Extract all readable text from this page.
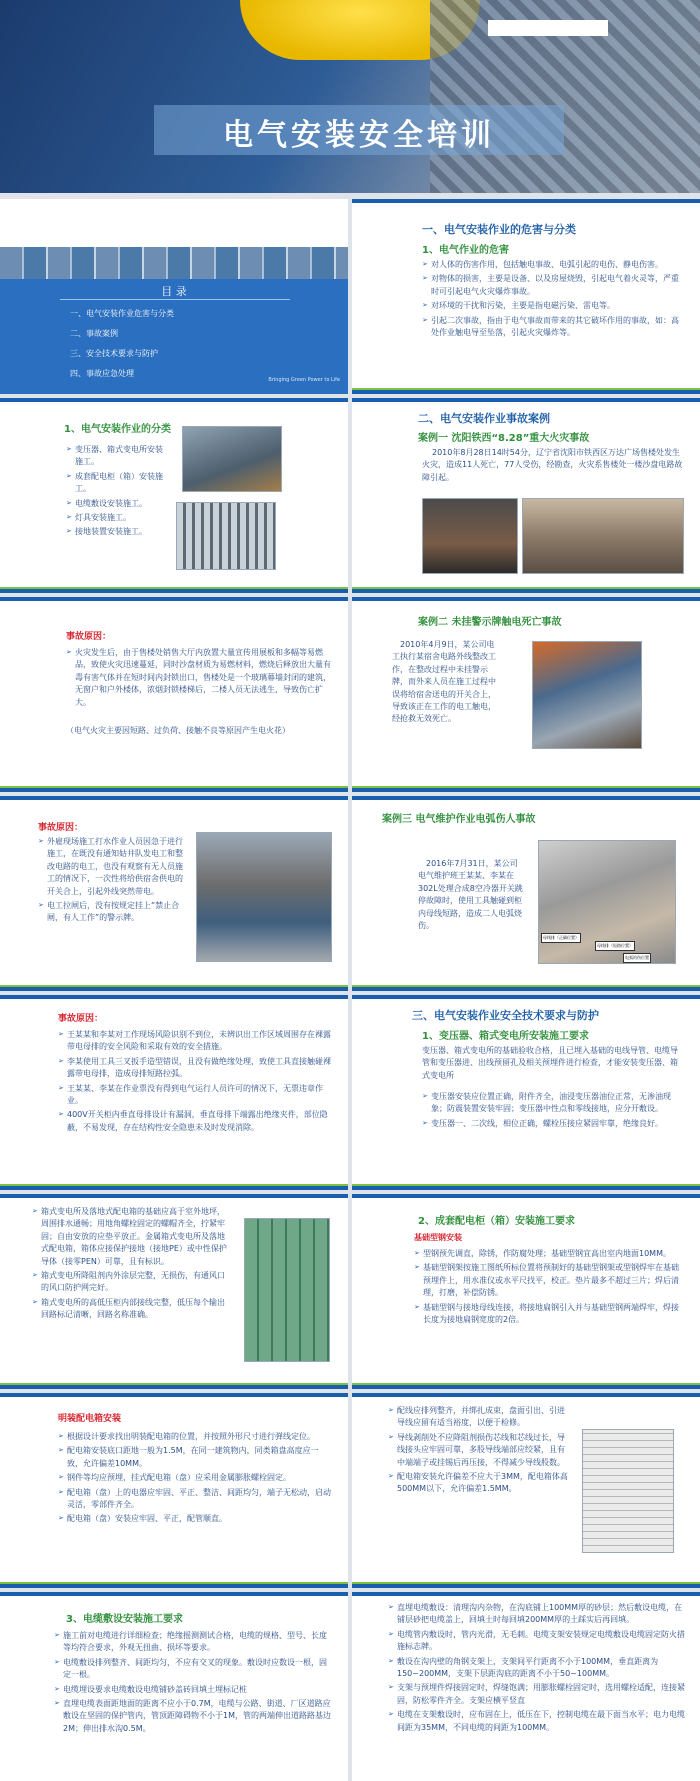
电气安装安全培训
目 录
一、电气安装作业危害与分类
二、事故案例
三、安全技术要求与防护
四、事故应急处理
Bringing Green Power to Life
一、电气安装作业的危害与分类
1、电气作业的危害
➢ 对人体的伤害作用，包括触电事故、电弧引起的电伤、静电伤害。
➢ 对物体的损害，主要是设备、以及房屋烧毁，引起电气着火灵等，严重时可引起电气火灾爆炸事故。
➢ 对环境的干扰和污染，主要是指电磁污染、雷电等。
➢ 引起二次事故，指由于电气事故而带来的其它破坏作用的事故，如：高处作业触电导至坠落，引起火灾爆炸等。
1、电气安装作业的分类
➢ 变压器、箱式变电所安装施工。
➢ 成套配电柜（箱）安装施工。
➢ 电缆敷设安装施工。
➢ 灯具安装施工。
➢ 接地装置安装施工。
二、电气安装作业事故案例
案例一 沈阳铁西“8.28”重大火灾事故
2010年8月28日14时54分，辽宁省沈阳市铁西区万达广场售楼处发生火灾，造成11人死亡，77人受伤，经勘查，火灾系售楼处一楼沙盘电路故障引起。
事故原因：
➢ 火灾发生后，由于售楼处销售大厅内放置大量宣传用展板和多幅等易燃品，致使火灾迅速蔓延，同时沙盘材质为易燃材料，燃烧后释放出大量有毒有害气体并在短时间内封锁出口，售楼处是一个玻璃幕墙封闭的建筑，无窗户和户外楼体，浓烟封锁楼梯后，二楼人员无法逃生，导致伤亡扩大。
（电气火灾主要因短路、过负荷、接触不良等原因产生电火花）
案例二 未挂警示牌触电死亡事故
2010年4月9日，某公司电工执行某宿舍电路外线整改工作，在整改过程中未挂警示牌，而外来人员在施工过程中误将给宿舍送电的开关合上，导致该正在工作的电工触电，经抢救无效死亡。
事故原因：
➢ 外雇现场施工打水作业人员因急于进行施工，在既没有通知姑井队发电工和整改电路的电工，也没有观察有无人员施工的情况下，一次性将给供宿舍供电的开关合上，引起外线突然带电。
➢ 电工拉闸后，没有按规定挂上“禁止合闸，有人工作”的警示牌。
案例三 电气维护作业电弧伤人事故
2016年7月31日，某公司电气维护班王某某、李某在302L处理合成8空冷器开关跳停故障时，使用工具触碰到柜内母线短路，造成二人电弧烧伤。
母线排（正确位置）
母线排（短路位置）
电弧灼伤位置
事故原因：
➢ 王某某和李某对工作现场风险识别不到位，未辨识出工作区域周围存在裸露带电母排的安全风险和采取有效的安全措施。
➢ 李某使用工具三叉扳手造型错误，且没有做绝缘处理，致使工具直接触碰裸露带电母排，造成母排短路拉弧。
➢ 王某某、李某在作业票没有得到电气运行人员许可的情况下，无票违章作业。
➢ 400V开关柜内垂直母排设计有漏洞，垂直母排下端露出绝缘夹件，部位隐蔽，不易发现，存在结构性安全隐患未及时发现消除。
三、电气安装作业安全技术要求与防护
1、变压器、箱式变电所安装施工要求
变压器、箱式变电所的基础验收合格，且已埋入基础的电线导管、电缆导管和变压器进、出线预留孔及相关预埋件进行检查，才能安装变压器、箱式变电所
➢ 变压器安装应位置正确，附件齐全，油浸变压器油位正常，无渗油现象；防震装置安装牢固；变压器中性点和零线接地，应分开敷设。
➢ 变压器一、二次线，相位正确，螺栓压接应紧固牢靠，绝缘良好。
➢ 箱式变电所及落地式配电箱的基础应高于室外地坪，周围排水通畅；用地角螺栓固定的螺帽齐全，拧紧牢固；自由安放的应垫平放正。金属箱式变电所及落地式配电箱，箱体应接保护接地（接地PE）或中性保护导体（接零PEN）可靠，且有标识。
➢ 箱式变电所降阻剂内外涂层完整，无损伤，有通风口的风口防护网完好。
➢ 箱式变电所的高低压柜内部接线完整，低压每个输出回路标记清晰，回路名称准确。
2、成套配电柜（箱）安装施工要求
基础型钢安装
➢ 型钢预先调直，除锈，作防腐处理；基础型钢宜高出室内地面10MM。
➢ 基础型钢架按施工图纸所标位置将预制好的基础型钢架或型钢焊牢在基础预埋件上，用水准仪或水平尺找平，校正。垫片最多不超过三片；焊后清理，打磨，补偿防锈。
➢ 基础型钢与接地母线连接，将接地扁钢引入并与基础型钢两端焊牢，焊接长度为接地扁钢宽度的2倍。
明装配电箱安装
➢ 根据设计要求找出明装配电箱的位置，并按照外形尺寸进行弹线定位。
➢ 配电箱安装底口距地一般为1.5M，在同一建筑物内，同类箱盘高度应一致，允许偏差10MM。
➢ 钢件等均应预埋，挂式配电箱（盘）应采用金属膨胀螺栓固定。
➢ 配电箱（盘）上的电器应牢固、平正、整洁、间距均匀，端子无松动，启动灵活，零部件齐全。
➢ 配电箱（盘）安装应牢固、平正，配管顺直。
➢ 配线应排列整齐，并绑扎成束，盘面引出、引进导线应留有适当裕度，以便于检修。
➢ 导线剥削处不应降阻剂损伤芯线和芯线过长，导线接头应牢固可靠，多股导线端部应绞紧，且有中端端子或挂锡后再压接，不得减少导线股数。
➢ 配电箱安装允许偏差不应大于3MM，配电箱体高500MM以下，允许偏差1.5MM。
3、电缆敷设安装施工要求
➢ 施工前对电缆进行详细检查；绝缘摇测测试合格，电缆的规格、型号、长度等均符合要求，外观无扭曲、损坏等要求。
➢ 电缆敷设排列整齐、间距均匀，不应有交叉的现象。敷设时应数设一根，固定一根。
➢ 电缆埋设要求电缆敷设电缆铺砂盖砖回填土埋标记桩
➢ 直埋电缆表面距地面的距离不应小于0.7M，电缆与公路、街道、厂区道路应敷设在坚固的保护管内，管顶距障碍物不小于1M，管的两端伸出道路路基边2M；伸出排水沟0.5M。
➢ 直埋电缆敷设：清理沟内杂物，在沟底铺上100MM厚的砂层；然后敷设电缆，在铺层砂把电缆盖上，回填土时每回填200MM厚的土踩实后再回填。
➢ 电缆管内敷设时，管内光滑，无毛刺。电缆支架安装规定电缆敷设电缆固定防火措施标志牌。
➢ 敷设在沟内壁的角钢支架上，支架间平行距离不小于100MM，垂直距离为150~200MM，支架下层距沟底的距离不小于50~100MM。
➢ 支架与预埋件焊接固定时，焊缝饱满；用膨胀螺栓固定时，选用螺栓适配，连接紧固，防松零件齐全。支架应横平竖直
➢ 电缆在支架敷设时，应布固在上，低压在下，控制电缆在最下面当水平；电力电缆间距为35MM，不同电缆的间距为100MM。
